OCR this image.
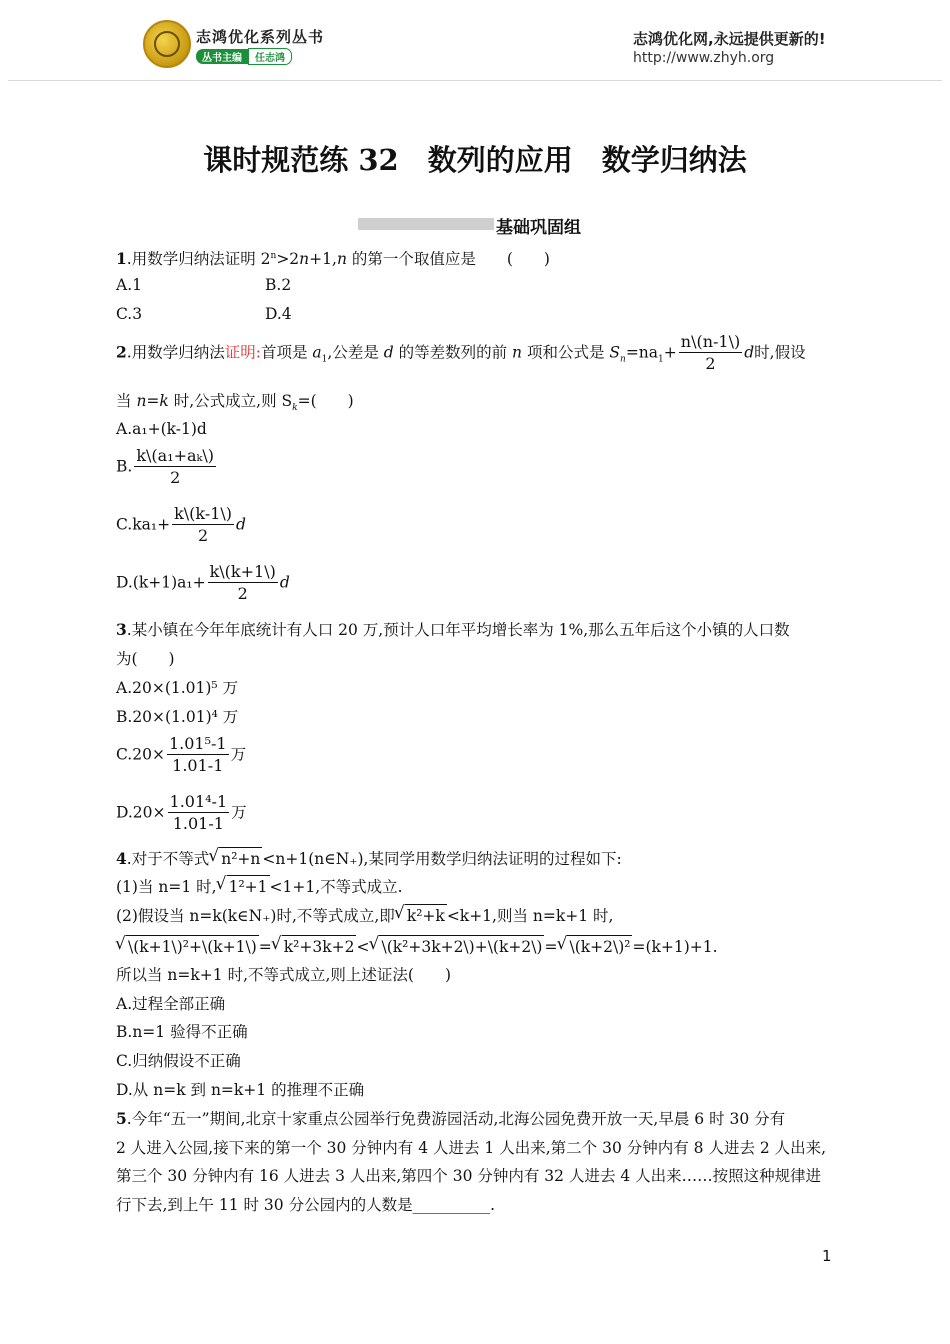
志鸿优化系列丛书
丛书主编 任志鸿
志鸿优化网,永远提供更新的!
http://www.zhyh.org
课时规范练 32　数列的应用　数学归纳法
基础巩固组
1.用数学归纳法证明 $2^n>2n+1,n$ 的第一个取值应是　　 (　　)
A.1	B.2
C.3	D.4
2.用数学归纳法证明:首项是 $a_1$,公差是 d 的等差数列的前 n 项和公式是 $S_n=na_1+ \frac{n\backslash(n-1\backslash)}{2}$ d时,假设
当 n=k 时,公式成立,则 $S_k=$(　　)
A.a₁+(k-1)d
B. $\frac{\text{k\textbackslash{}(a₁+aₖ\textbackslash{})}}{2}$
$C.ka_1+ \frac{k\backslash(k-1\backslash)}{2}$ d
$D.(k+1)a_1+ \frac{k\backslash(k+1\backslash)}{2}$ d
3.某小镇在今年年底统计有人口 20 万,预计人口年平均增长率为 1%,那么五年后这个小镇的人口数
为(　　)
A.20×(1.01)⁵ 万
B.20×(1.01)⁴ 万
$C.20\times \frac{\text{1.01⁵-1}}{1.01-1}$ 万
$D.20\times \frac{\text{1.01⁴-1}}{1.01-1}$ 万
4.对于不等式 √ n²+n <n+1(n∈N₊),某同学用数学归纳法证明的过程如下:
(1)当 n=1 时, √ 1²+1 <1+1,不等式成立.
(2)假设当 n=k(k∈N₊)时,不等式成立,即 √ k²+k <k+1,则当 n=k+1 时,
√ \(k+1\)²+\(k+1\) = √ k²+3k+2 < √ \(k²+3k+2\)+\(k+2\) = √ \(k+2\)² =(k+1)+1.
所以当 n=k+1 时,不等式成立,则上述证法(　　)
A.过程全部正确
B.n=1 验得不正确
C.归纳假设不正确
D.从 n=k 到 n=k+1 的推理不正确
5.今年“五一”期间,北京十家重点公园举行免费游园活动,北海公园免费开放一天,早晨 6 时 30 分有
2 人进入公园,接下来的第一个 30 分钟内有 4 人进去 1 人出来,第二个 30 分钟内有 8 人进去 2 人出来,
第三个 30 分钟内有 16 人进去 3 人出来,第四个 30 分钟内有 32 人进去 4 人出来……按照这种规律进
行下去,到上午 11 时 30 分公园内的人数是__________.
1
